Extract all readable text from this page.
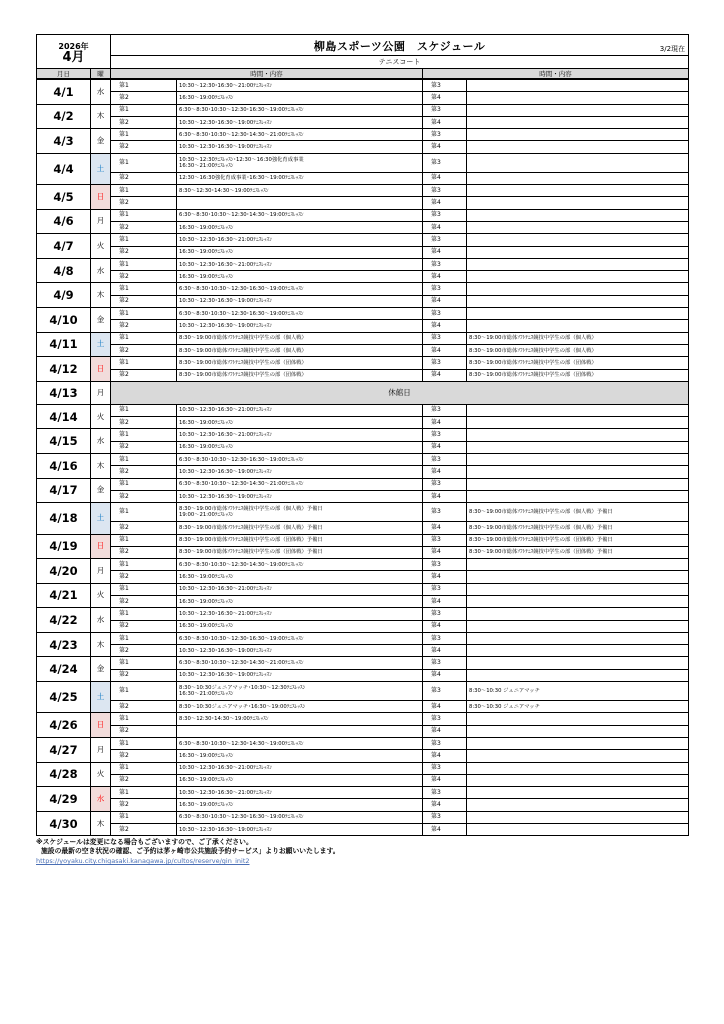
2026年
4月		柳島スポーツ公園　スケジュール 3/2現在	

		テニスコート	
月日	曜	時間・内容	時間・内容
4/1	水	第1	10:30～12:30･16:30～21:00ﾃﾆｽﾚｯｽﾝ	第3	
		第2	16:30～19:00ﾃﾆｽﾚｯｽﾝ	第4	
4/2	木	第1	6:30～8:30･10:30～12:30･16:30～19:00ﾃﾆｽﾚｯｽﾝ	第3	
		第2	10:30～12:30･16:30～19:00ﾃﾆｽﾚｯｽﾝ	第4	
4/3	金	第1	6:30～8:30･10:30～12:30･14:30～21:00ﾃﾆｽﾚｯｽﾝ	第3	
		第2	10:30～12:30･16:30～19:00ﾃﾆｽﾚｯｽﾝ	第4	
4/4	土	第1	10:30～12:30ﾃﾆｽﾚｯｽﾝ･12:30～16:30強化育成事業
16:30～21:00ﾃﾆｽﾚｯｽﾝ	第3	
		第2	12:30～16:30強化育成事業･16:30～19:00ﾃﾆｽﾚｯｽﾝ	第4	
4/5	日	第1	8:30～12:30･14:30～19:00ﾃﾆｽﾚｯｽﾝ	第3	
		第2		第4	
4/6	月	第1	6:30～8:30･10:30～12:30･14:30～19:00ﾃﾆｽﾚｯｽﾝ	第3	
		第2	16:30～19:00ﾃﾆｽﾚｯｽﾝ	第4	
4/7	火	第1	10:30～12:30･16:30～21:00ﾃﾆｽﾚｯｽﾝ	第3	
		第2	16:30～19:00ﾃﾆｽﾚｯｽﾝ	第4	
4/8	水	第1	10:30～12:30･16:30～21:00ﾃﾆｽﾚｯｽﾝ	第3	
		第2	16:30～19:00ﾃﾆｽﾚｯｽﾝ	第4	
4/9	木	第1	6:30～8:30･10:30～12:30･16:30～19:00ﾃﾆｽﾚｯｽﾝ	第3	
		第2	10:30～12:30･16:30～19:00ﾃﾆｽﾚｯｽﾝ	第4	
4/10	金	第1	6:30～8:30･10:30～12:30･16:30～19:00ﾃﾆｽﾚｯｽﾝ	第3	
		第2	10:30～12:30･16:30～19:00ﾃﾆｽﾚｯｽﾝ	第4	
4/11	土	第1	8:30～19:00市総体ｿﾌﾄﾃﾆｽ競技中学生の部（個人戦）	第3	8:30～19:00市総体ｿﾌﾄﾃﾆｽ競技中学生の部（個人戦）
		第2	8:30～19:00市総体ｿﾌﾄﾃﾆｽ競技中学生の部（個人戦）	第4	8:30～19:00市総体ｿﾌﾄﾃﾆｽ競技中学生の部（個人戦）
4/12	日	第1	8:30～19:00市総体ｿﾌﾄﾃﾆｽ競技中学生の部（団体戦）	第3	8:30～19:00市総体ｿﾌﾄﾃﾆｽ競技中学生の部（団体戦）
		第2	8:30～19:00市総体ｿﾌﾄﾃﾆｽ競技中学生の部（団体戦）	第4	8:30～19:00市総体ｿﾌﾄﾃﾆｽ競技中学生の部（団体戦）
4/13	月	休館日			
4/14	火	第1	10:30～12:30･16:30～21:00ﾃﾆｽﾚｯｽﾝ	第3	
		第2	16:30～19:00ﾃﾆｽﾚｯｽﾝ	第4	
4/15	水	第1	10:30～12:30･16:30～21:00ﾃﾆｽﾚｯｽﾝ	第3	
		第2	16:30～19:00ﾃﾆｽﾚｯｽﾝ	第4	
4/16	木	第1	6:30～8:30･10:30～12:30･16:30～19:00ﾃﾆｽﾚｯｽﾝ	第3	
		第2	10:30～12:30･16:30～19:00ﾃﾆｽﾚｯｽﾝ	第4	
4/17	金	第1	6:30～8:30･10:30～12:30･14:30～21:00ﾃﾆｽﾚｯｽﾝ	第3	
		第2	10:30～12:30･16:30～19:00ﾃﾆｽﾚｯｽﾝ	第4	
4/18	土	第1	8:30～19:00市総体ｿﾌﾄﾃﾆｽ競技中学生の部（個人戦）予備日
19:00～21:00ﾃﾆｽﾚｯｽﾝ	第3	8:30～19:00市総体ｿﾌﾄﾃﾆｽ競技中学生の部（個人戦）予備日
		第2	8:30～19:00市総体ｿﾌﾄﾃﾆｽ競技中学生の部（個人戦）予備日	第4	8:30～19:00市総体ｿﾌﾄﾃﾆｽ競技中学生の部（個人戦）予備日
4/19	日	第1	8:30～19:00市総体ｿﾌﾄﾃﾆｽ競技中学生の部（団体戦）予備日	第3	8:30～19:00市総体ｿﾌﾄﾃﾆｽ競技中学生の部（団体戦）予備日
		第2	8:30～19:00市総体ｿﾌﾄﾃﾆｽ競技中学生の部（団体戦）予備日	第4	8:30～19:00市総体ｿﾌﾄﾃﾆｽ競技中学生の部（団体戦）予備日
4/20	月	第1	6:30～8:30･10:30～12:30･14:30～19:00ﾃﾆｽﾚｯｽﾝ	第3	
		第2	16:30～19:00ﾃﾆｽﾚｯｽﾝ	第4	
4/21	火	第1	10:30～12:30･16:30～21:00ﾃﾆｽﾚｯｽﾝ	第3	
		第2	16:30～19:00ﾃﾆｽﾚｯｽﾝ	第4	
4/22	水	第1	10:30～12:30･16:30～21:00ﾃﾆｽﾚｯｽﾝ	第3	
		第2	16:30～19:00ﾃﾆｽﾚｯｽﾝ	第4	
4/23	木	第1	6:30～8:30･10:30～12:30･16:30～19:00ﾃﾆｽﾚｯｽﾝ	第3	
		第2	10:30～12:30･16:30～19:00ﾃﾆｽﾚｯｽﾝ	第4	
4/24	金	第1	6:30～8:30･10:30～12:30･14:30～21:00ﾃﾆｽﾚｯｽﾝ	第3	
		第2	10:30～12:30･16:30～19:00ﾃﾆｽﾚｯｽﾝ	第4	
4/25	土	第1	8:30～10:30ジュニアマッチ･10:30～12:30ﾃﾆｽﾚｯｽﾝ
16:30～21:00ﾃﾆｽﾚｯｽﾝ	第3	8:30～10:30 ジュニアマッチ
		第2	8:30～10:30ジュニアマッチ･16:30～19:00ﾃﾆｽﾚｯｽﾝ	第4	8:30～10:30 ジュニアマッチ
4/26	日	第1	8:30～12:30･14:30～19:00ﾃﾆｽﾚｯｽﾝ	第3	
		第2		第4	
4/27	月	第1	6:30～8:30･10:30～12:30･14:30～19:00ﾃﾆｽﾚｯｽﾝ	第3	
		第2	16:30～19:00ﾃﾆｽﾚｯｽﾝ	第4	
4/28	火	第1	10:30～12:30･16:30～21:00ﾃﾆｽﾚｯｽﾝ	第3	
		第2	16:30～19:00ﾃﾆｽﾚｯｽﾝ	第4	
4/29	水	第1	10:30～12:30･16:30～21:00ﾃﾆｽﾚｯｽﾝ	第3	
		第2	16:30～19:00ﾃﾆｽﾚｯｽﾝ	第4	
4/30	木	第1	6:30～8:30･10:30～12:30･16:30～19:00ﾃﾆｽﾚｯｽﾝ	第3	
		第2	10:30～12:30･16:30～19:00ﾃﾆｽﾚｯｽﾝ	第4	
※スケジュールは変更になる場合もございますので、ご了承ください。
施設の最新の空き状況の確認、ご予約は茅ヶ崎市公共施設予約サービス」よりお願いいたします。
https://yoyaku.city.chigasaki.kanagawa.jp/cultos/reserve/gin_init2
